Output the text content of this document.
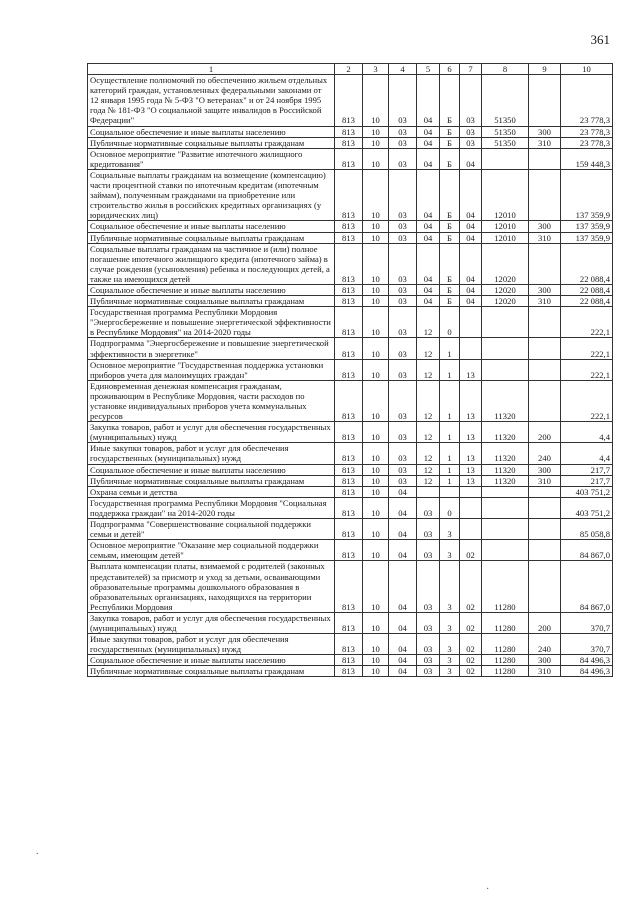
361
1	2	3	4	5	6	7	8	9	10
Осуществление полномочий по обеспечению жильем отдельных категорий граждан, установленных федеральными законами от 12 января 1995 года № 5-ФЗ "О ветеранах" и от 24 ноября 1995 года № 181-ФЗ "О социальной защите инвалидов в Российской Федерации"	813	10	03	04	Б	03	51350		23 778,3
Социальное обеспечение и иные выплаты населению	813	10	03	04	Б	03	51350	300	23 778,3
Публичные нормативные социальные выплаты гражданам	813	10	03	04	Б	03	51350	310	23 778,3
Основное мероприятие "Развитие ипотечного жилищного кредитования"	813	10	03	04	Б	04			159 448,3
Социальные выплаты гражданам на возмещение (компенсацию) части процентной ставки по ипотечным кредитам (ипотечным займам), полученным гражданами на приобретение или строительство жилья в российских кредитных организациях (у юридических лиц)	813	10	03	04	Б	04	12010		137 359,9
Социальное обеспечение и иные выплаты населению	813	10	03	04	Б	04	12010	300	137 359,9
Публичные нормативные социальные выплаты гражданам	813	10	03	04	Б	04	12010	310	137 359,9
Социальные выплаты гражданам на частичное и (или) полное погашение ипотечного жилищного кредита (ипотечного займа) в случае рождения (усыновления) ребенка и последующих детей, а также на имеющихся детей	813	10	03	04	Б	04	12020		22 088,4
Социальное обеспечение и иные выплаты населению	813	10	03	04	Б	04	12020	300	22 088,4
Публичные нормативные социальные выплаты гражданам	813	10	03	04	Б	04	12020	310	22 088,4
Государственная программа Республики Мордовия "Энергосбережение и повышение энергетической эффективности в Республике Мордовия" на 2014-2020 годы	813	10	03	12	0				222,1
Подпрограмма "Энергосбережение и повышение энергетической эффективности в энергетике"	813	10	03	12	1				222,1
Основное мероприятие "Государственная поддержка установки приборов учета для малоимущих граждан"	813	10	03	12	1	13			222,1
Единовременная денежная компенсация гражданам, проживающим в Республике Мордовия, части расходов по установке индивидуальных приборов учета коммунальных ресурсов	813	10	03	12	1	13	11320		222,1
Закупка товаров, работ и услуг для обеспечения государственных (муниципальных) нужд	813	10	03	12	1	13	11320	200	4,4
Иные закупки товаров, работ и услуг для обеспечения государственных (муниципальных) нужд	813	10	03	12	1	13	11320	240	4,4
Социальное обеспечение и иные выплаты населению	813	10	03	12	1	13	11320	300	217,7
Публичные нормативные социальные выплаты гражданам	813	10	03	12	1	13	11320	310	217,7
Охрана семьи и детства	813	10	04						403 751,2
Государственная программа Республики Мордовия "Социальная поддержка граждан" на 2014-2020 годы	813	10	04	03	0				403 751,2
Подпрограмма "Совершенствование социальной поддержки семьи и детей"	813	10	04	03	3				85 058,8
Основное мероприятие "Оказание мер социальной поддержки семьям, имеющим детей"	813	10	04	03	3	02			84 867,0
Выплата компенсации платы, взимаемой с родителей (законных представителей) за присмотр и уход за детьми, осваивающими образовательные программы дошкольного образования в образовательных организациях, находящихся на территории Республики Мордовия	813	10	04	03	3	02	11280		84 867,0
Закупка товаров, работ и услуг для обеспечения государственных (муниципальных) нужд	813	10	04	03	3	02	11280	200	370,7
Иные закупки товаров, работ и услуг для обеспечения государственных (муниципальных) нужд	813	10	04	03	3	02	11280	240	370,7
Социальное обеспечение и иные выплаты населению	813	10	04	03	3	02	11280	300	84 496,3
Публичные нормативные социальные выплаты гражданам	813	10	04	03	3	02	11280	310	84 496,3
.
·
